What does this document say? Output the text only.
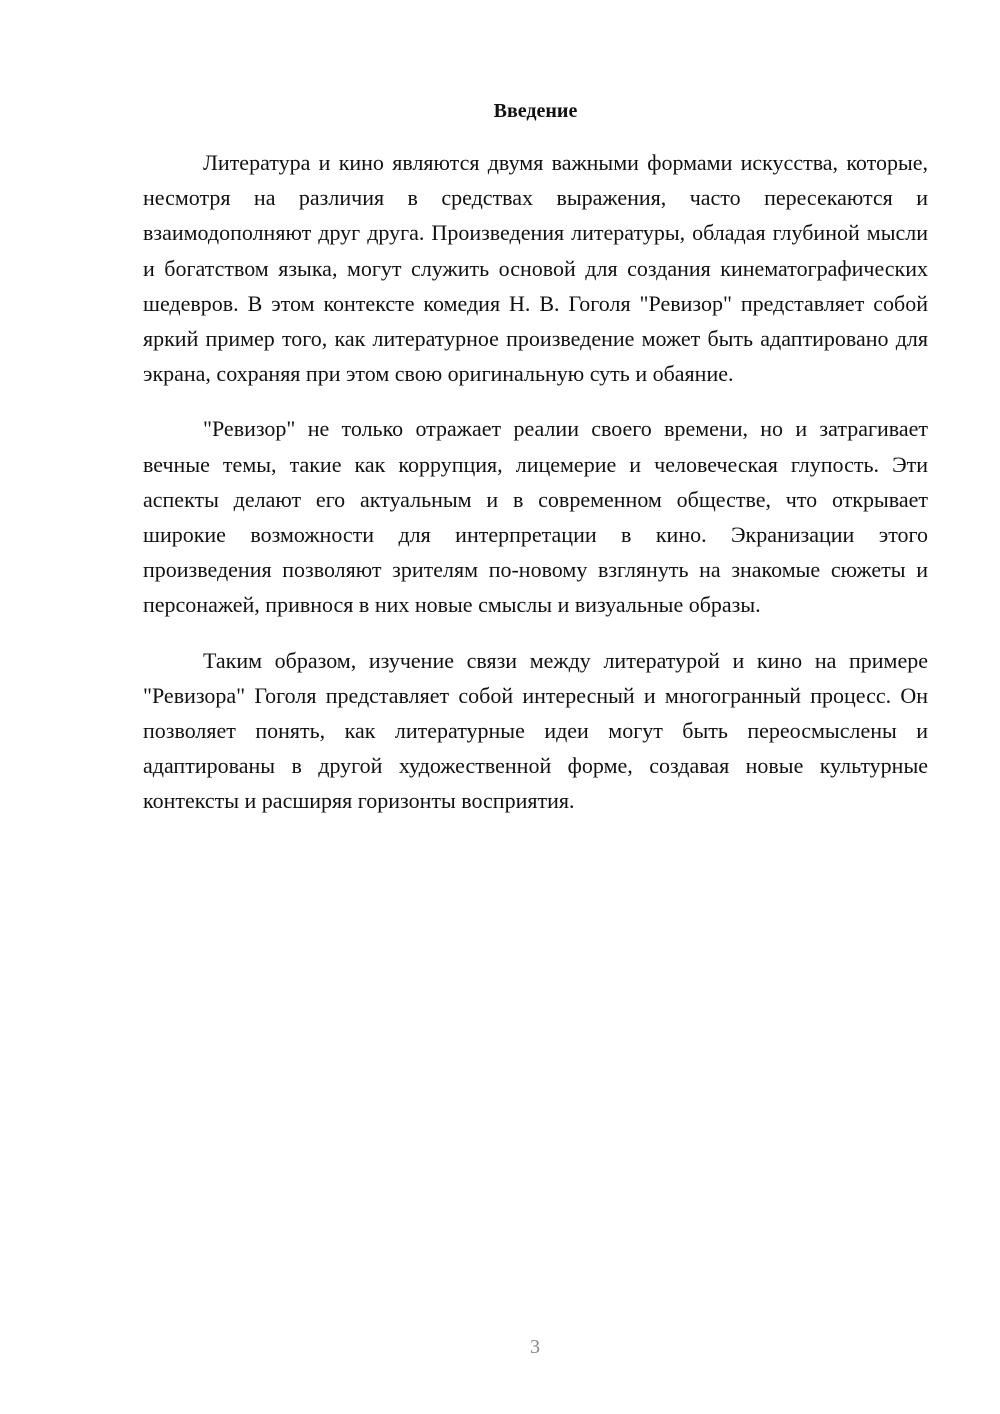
Введение

Литература и кино являются двумя важными формами искусства, которые, несмотря на различия в средствах выражения, часто пересекаются и взаимодополняют друг друга. Произведения литературы, обладая глубиной мысли и богатством языка, могут служить основой для создания кинематографических шедевров. В этом контексте комедия Н. В. Гоголя "Ревизор" представляет собой яркий пример того, как литературное произведение может быть адаптировано для экрана, сохраняя при этом свою оригинальную суть и обаяние.

"Ревизор" не только отражает реалии своего времени, но и затрагивает вечные темы, такие как коррупция, лицемерие и человеческая глупость. Эти аспекты делают его актуальным и в современном обществе, что открывает широкие возможности для интерпретации в кино. Экранизации этого произведения позволяют зрителям по-новому взглянуть на знакомые сюжеты и персонажей, привнося в них новые смыслы и визуальные образы.

Таким образом, изучение связи между литературой и кино на примере "Ревизора" Гоголя представляет собой интересный и многогранный процесс. Он позволяет понять, как литературные идеи могут быть переосмыслены и адаптированы в другой художественной форме, создавая новые культурные контексты и расширяя горизонты восприятия.

3
